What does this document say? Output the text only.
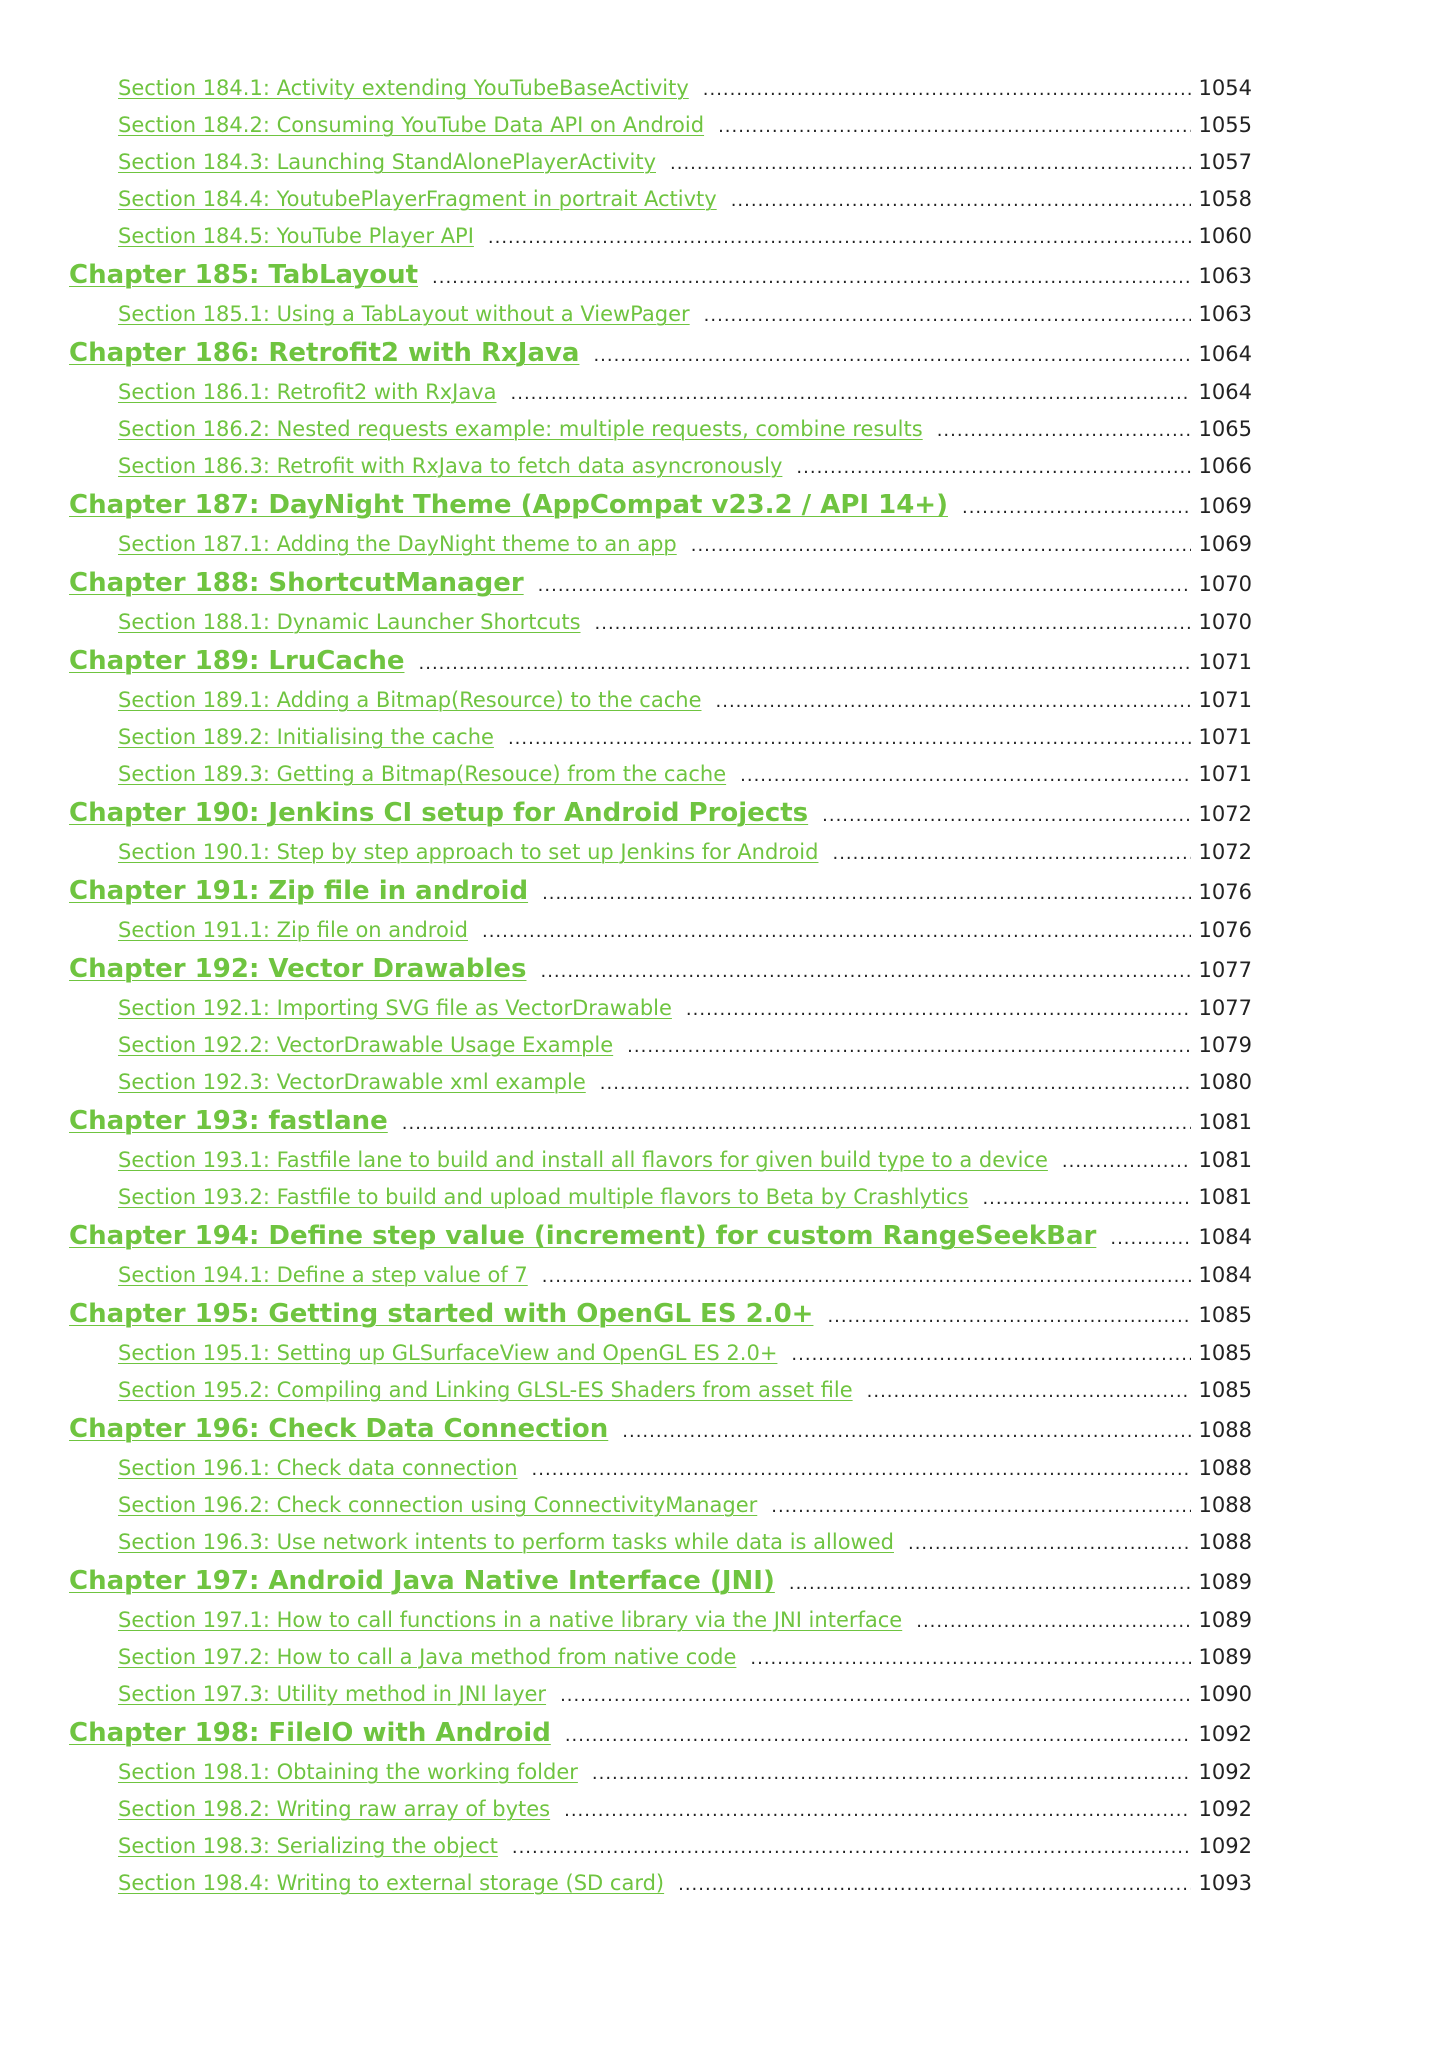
Section 184.1: Activity extending YouTubeBaseActivity .....	1054
Section 184.2: Consuming YouTube Data API on Android .....	1055
Section 184.3: Launching StandAlonePlayerActivity .....	1057
Section 184.4: YoutubePlayerFragment in portrait Activty .....	1058
Section 184.5: YouTube Player API .....	1060
Chapter 185: TabLayout .....	1063
Section 185.1: Using a TabLayout without a ViewPager .....	1063
Chapter 186: Retrofit2 with RxJava .....	1064
Section 186.1: Retrofit2 with RxJava .....	1064
Section 186.2: Nested requests example: multiple requests, combine results .....	1065
Section 186.3: Retrofit with RxJava to fetch data asyncronously .....	1066
Chapter 187: DayNight Theme (AppCompat v23.2 / API 14+) .....	1069
Section 187.1: Adding the DayNight theme to an app .....	1069
Chapter 188: ShortcutManager .....	1070
Section 188.1: Dynamic Launcher Shortcuts .....	1070
Chapter 189: LruCache .....	1071
Section 189.1: Adding a Bitmap(Resource) to the cache .....	1071
Section 189.2: Initialising the cache .....	1071
Section 189.3: Getting a Bitmap(Resouce) from the cache .....	1071
Chapter 190: Jenkins CI setup for Android Projects .....	1072
Section 190.1: Step by step approach to set up Jenkins for Android .....	1072
Chapter 191: Zip file in android .....	1076
Section 191.1: Zip file on android .....	1076
Chapter 192: Vector Drawables .....	1077
Section 192.1: Importing SVG file as VectorDrawable .....	1077
Section 192.2: VectorDrawable Usage Example .....	1079
Section 192.3: VectorDrawable xml example .....	1080
Chapter 193: fastlane .....	1081
Section 193.1: Fastfile lane to build and install all flavors for given build type to a device .....	1081
Section 193.2: Fastfile to build and upload multiple flavors to Beta by Crashlytics .....	1081
Chapter 194: Define step value (increment) for custom RangeSeekBar .....	1084
Section 194.1: Define a step value of 7 .....	1084
Chapter 195: Getting started with OpenGL ES 2.0+ .....	1085
Section 195.1: Setting up GLSurfaceView and OpenGL ES 2.0+ .....	1085
Section 195.2: Compiling and Linking GLSL-ES Shaders from asset file .....	1085
Chapter 196: Check Data Connection .....	1088
Section 196.1: Check data connection .....	1088
Section 196.2: Check connection using ConnectivityManager .....	1088
Section 196.3: Use network intents to perform tasks while data is allowed .....	1088
Chapter 197: Android Java Native Interface (JNI) .....	1089
Section 197.1: How to call functions in a native library via the JNI interface .....	1089
Section 197.2: How to call a Java method from native code .....	1089
Section 197.3: Utility method in JNI layer .....	1090
Chapter 198: FileIO with Android .....	1092
Section 198.1: Obtaining the working folder .....	1092
Section 198.2: Writing raw array of bytes .....	1092
Section 198.3: Serializing the object .....	1092
Section 198.4: Writing to external storage (SD card) .....	1093
